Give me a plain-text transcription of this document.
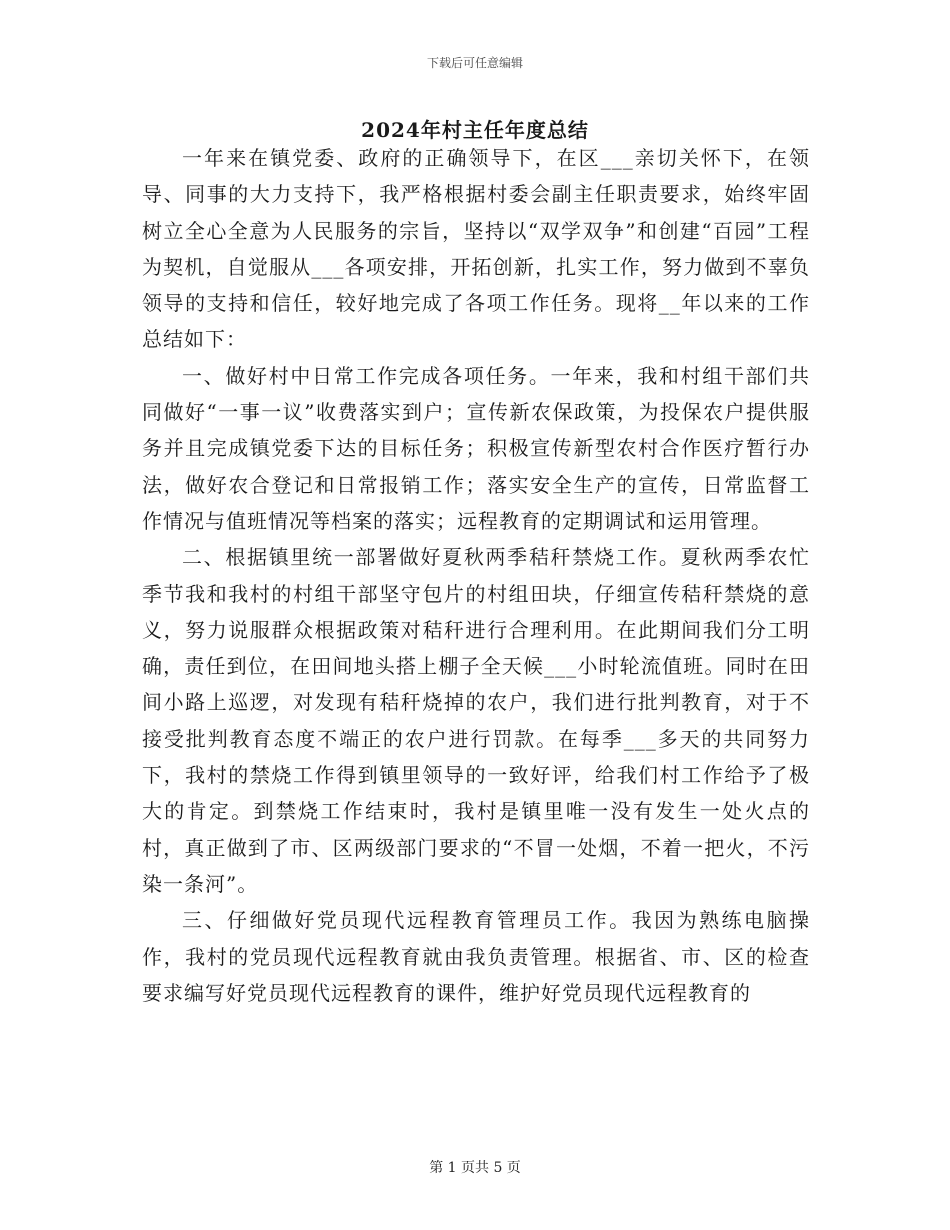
下载后可任意编辑
2024年村主任年度总结

一年来在镇党委、政府的正确领导下，在区___亲切关怀下，在领导、同事的大力支持下，我严格根据村委会副主任职责要求，始终牢固树立全心全意为人民服务的宗旨，坚持以“双学双争”和创建“百园”工程为契机，自觉服从___各项安排，开拓创新，扎实工作，努力做到不辜负领导的支持和信任，较好地完成了各项工作任务。现将__年以来的工作总结如下：

一、做好村中日常工作完成各项任务。一年来，我和村组干部们共同做好“一事一议”收费落实到户；宣传新农保政策，为投保农户提供服务并且完成镇党委下达的目标任务；积极宣传新型农村合作医疗暂行办法，做好农合登记和日常报销工作；落实安全生产的宣传，日常监督工作情况与值班情况等档案的落实；远程教育的定期调试和运用管理。

二、根据镇里统一部署做好夏秋两季秸秆禁烧工作。夏秋两季农忙季节我和我村的村组干部坚守包片的村组田块，仔细宣传秸秆禁烧的意义，努力说服群众根据政策对秸秆进行合理利用。在此期间我们分工明确，责任到位，在田间地头搭上棚子全天候___小时轮流值班。同时在田间小路上巡逻，对发现有秸秆烧掉的农户，我们进行批判教育，对于不接受批判教育态度不端正的农户进行罚款。在每季___多天的共同努力下，我村的禁烧工作得到镇里领导的一致好评，给我们村工作给予了极大的肯定。到禁烧工作结束时，我村是镇里唯一没有发生一处火点的村，真正做到了市、区两级部门要求的“不冒一处烟，不着一把火，不污染一条河”。

三、仔细做好党员现代远程教育管理员工作。我因为熟练电脑操作，我村的党员现代远程教育就由我负责管理。根据省、市、区的检查要求编写好党员现代远程教育的课件，维护好党员现代远程教育的

第 1 页共 5 页
